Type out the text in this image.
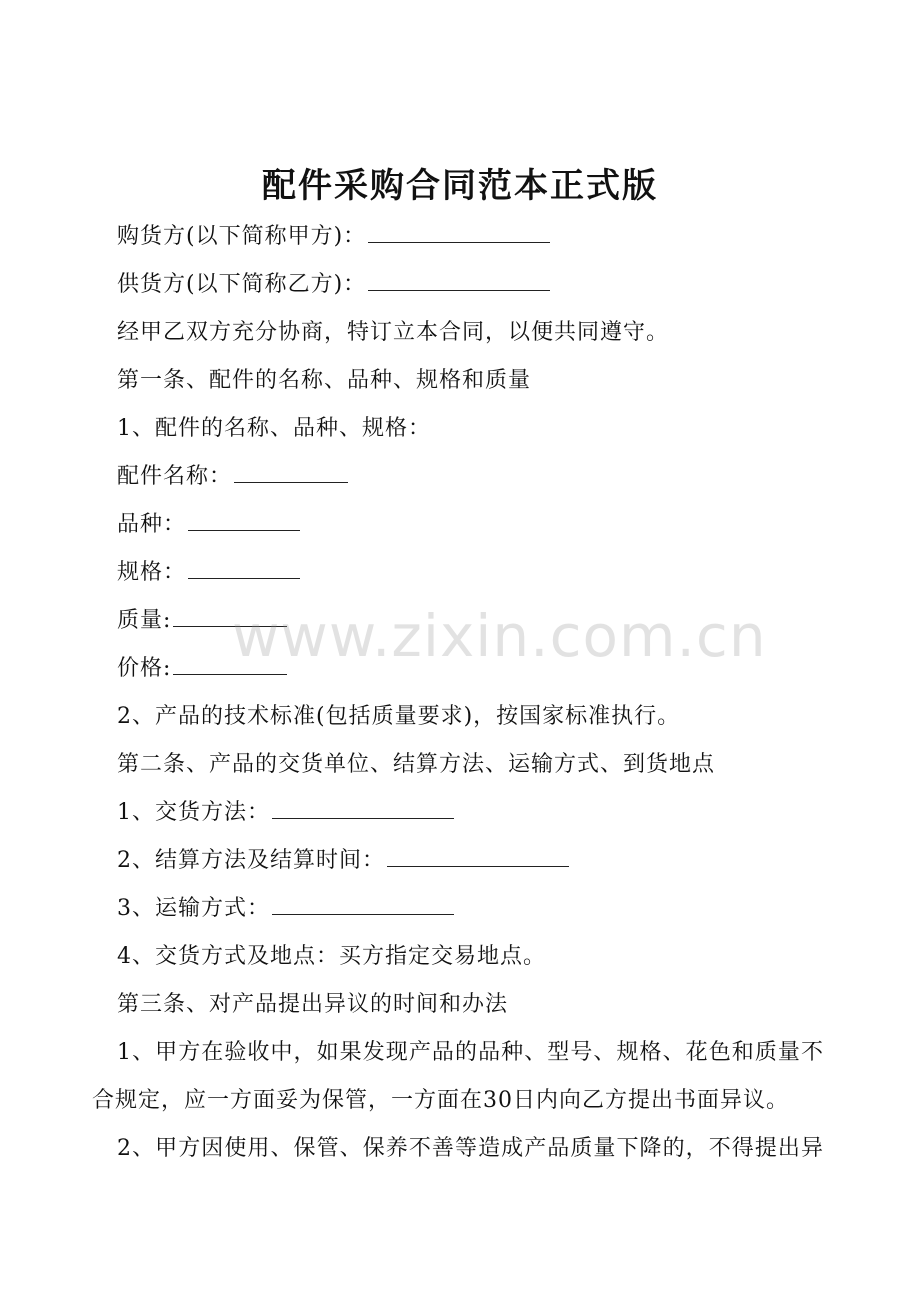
配件采购合同范本正式版
购货方(以下简称甲方)：
供货方(以下简称乙方)：
经甲乙双方充分协商，特订立本合同，以便共同遵守。
第一条、配件的名称、品种、规格和质量
1、配件的名称、品种、规格：
配件名称：
品种：
规格：
质量:
价格:
2、产品的技术标准(包括质量要求)，按国家标准执行。
第二条、产品的交货单位、结算方法、运输方式、到货地点
1、交货方法：
2、结算方法及结算时间：
3、运输方式：
4、交货方式及地点：买方指定交易地点。
第三条、对产品提出异议的时间和办法
1、甲方在验收中，如果发现产品的品种、型号、规格、花色和质量不
合规定，应一方面妥为保管，一方面在30日内向乙方提出书面异议。
2、甲方因使用、保管、保养不善等造成产品质量下降的，不得提出异
www.zixin.com.cn
